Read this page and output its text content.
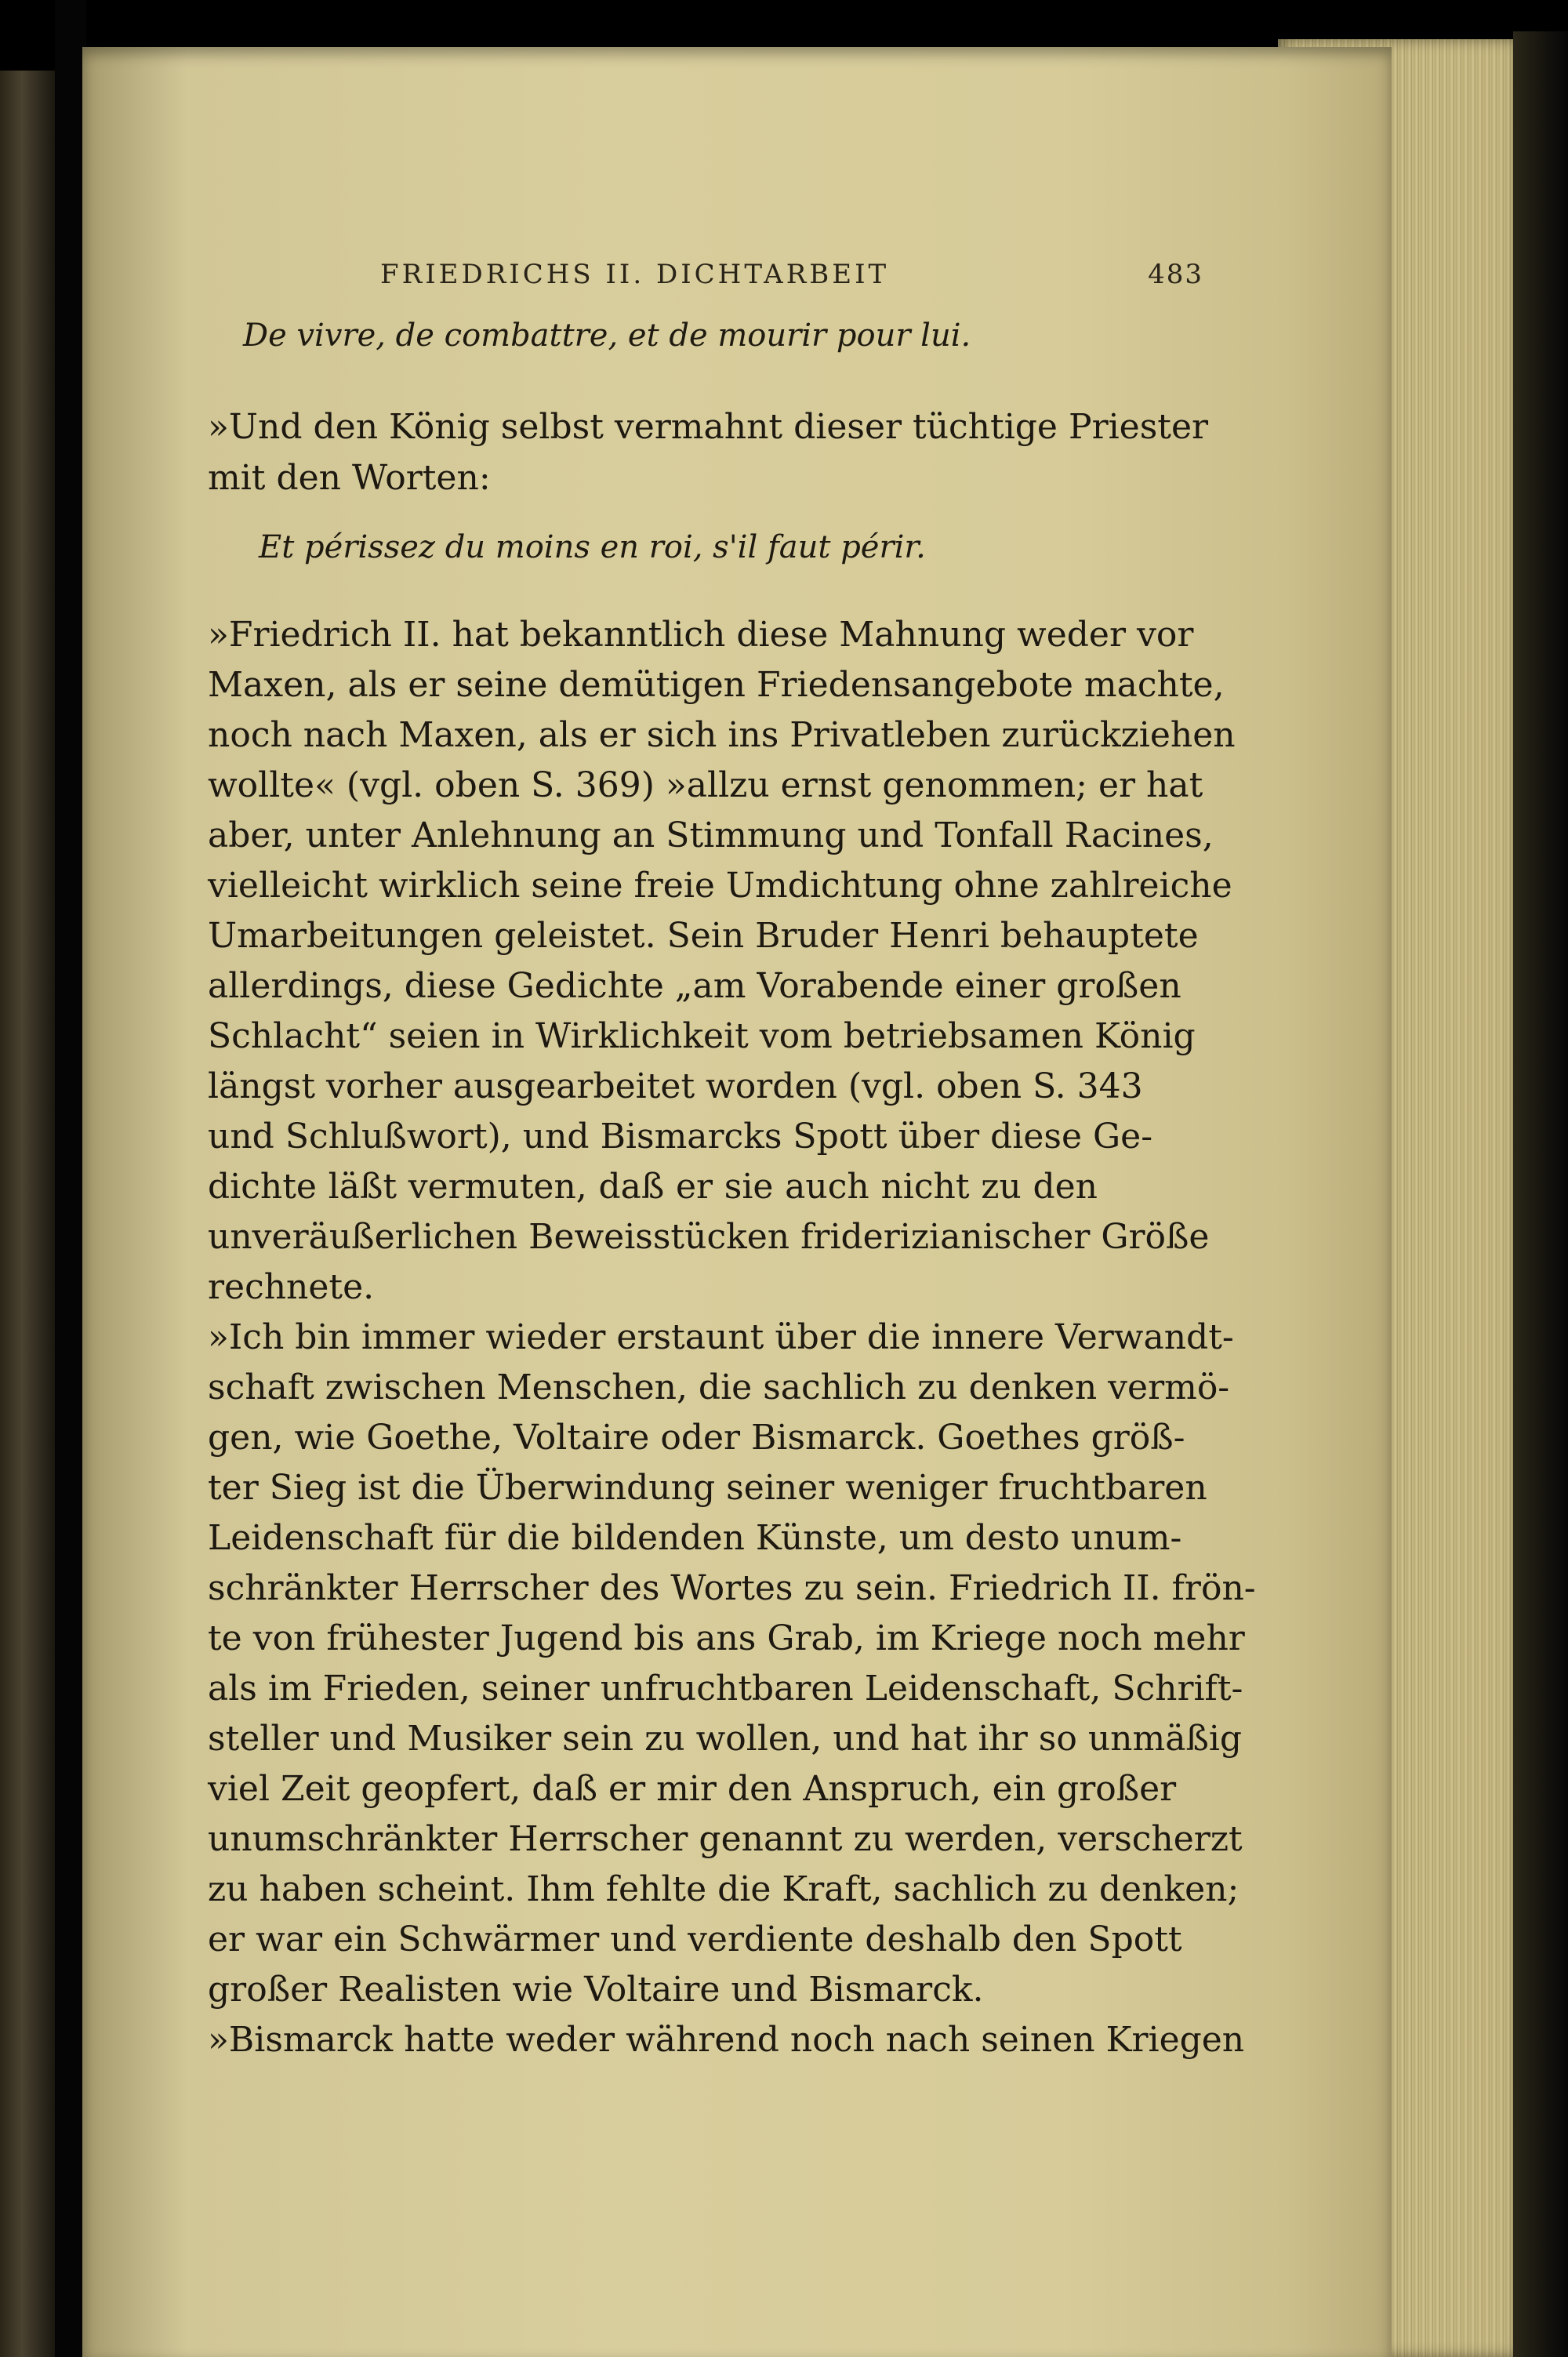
FRIEDRICHS II. DICHTARBEIT	483
De vivre, de combattre, et de mourir pour lui.
»Und den König selbst vermahnt dieser tüchtige Priester
mit den Worten:
Et périssez du moins en roi, s'il faut périr.
»Friedrich II. hat bekanntlich diese Mahnung weder vor
Maxen, als er seine demütigen Friedensangebote machte,
noch nach Maxen, als er sich ins Privatleben zurückziehen
wollte« (vgl. oben S. 369) »allzu ernst genommen; er hat
aber, unter Anlehnung an Stimmung und Tonfall Racines,
vielleicht wirklich seine freie Umdichtung ohne zahlreiche
Umarbeitungen geleistet. Sein Bruder Henri behauptete
allerdings, diese Gedichte „am Vorabende einer großen
Schlacht“ seien in Wirklichkeit vom betriebsamen König
längst vorher ausgearbeitet worden (vgl. oben S. 343
und Schlußwort), und Bismarcks Spott über diese Ge-
dichte läßt vermuten, daß er sie auch nicht zu den
unveräußerlichen Beweisstücken friderizianischer Größe
rechnete.
»Ich bin immer wieder erstaunt über die innere Verwandt-
schaft zwischen Menschen, die sachlich zu denken vermö-
gen, wie Goethe, Voltaire oder Bismarck. Goethes größ-
ter Sieg ist die Überwindung seiner weniger fruchtbaren
Leidenschaft für die bildenden Künste, um desto unum-
schränkter Herrscher des Wortes zu sein. Friedrich II. frön-
te von frühester Jugend bis ans Grab, im Kriege noch mehr
als im Frieden, seiner unfruchtbaren Leidenschaft, Schrift-
steller und Musiker sein zu wollen, und hat ihr so unmäßig
viel Zeit geopfert, daß er mir den Anspruch, ein großer
unumschränkter Herrscher genannt zu werden, verscherzt
zu haben scheint. Ihm fehlte die Kraft, sachlich zu denken;
er war ein Schwärmer und verdiente deshalb den Spott
großer Realisten wie Voltaire und Bismarck.
»Bismarck hatte weder während noch nach seinen Kriegen
